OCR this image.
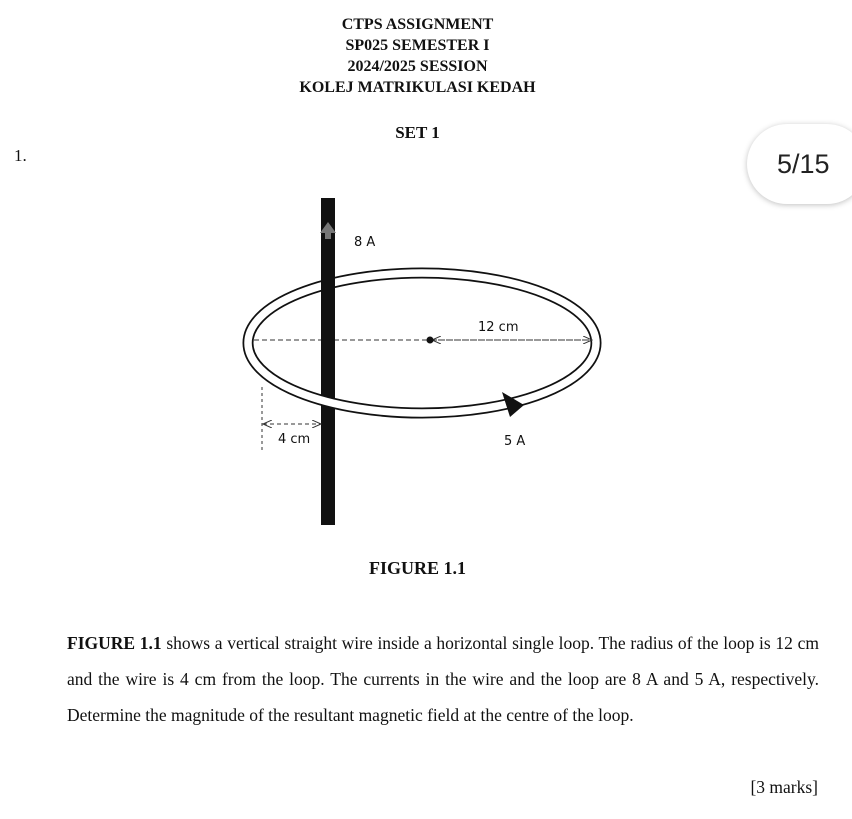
CTPS ASSIGNMENT
SP025 SEMESTER I
2024/2025 SESSION
KOLEJ MATRIKULASI KEDAH
SET 1
1.	5/15
8 A
12 cm
4 cm	5 A
FIGURE 1.1
FIGURE 1.1 shows a vertical straight wire inside a horizontal single loop. The radius of the loop is 12 cm and the wire is 4 cm from the loop. The currents in the wire and the loop are 8 A and 5 A, respectively. Determine the magnitude of the resultant magnetic field at the centre of the loop.
[3 marks]
